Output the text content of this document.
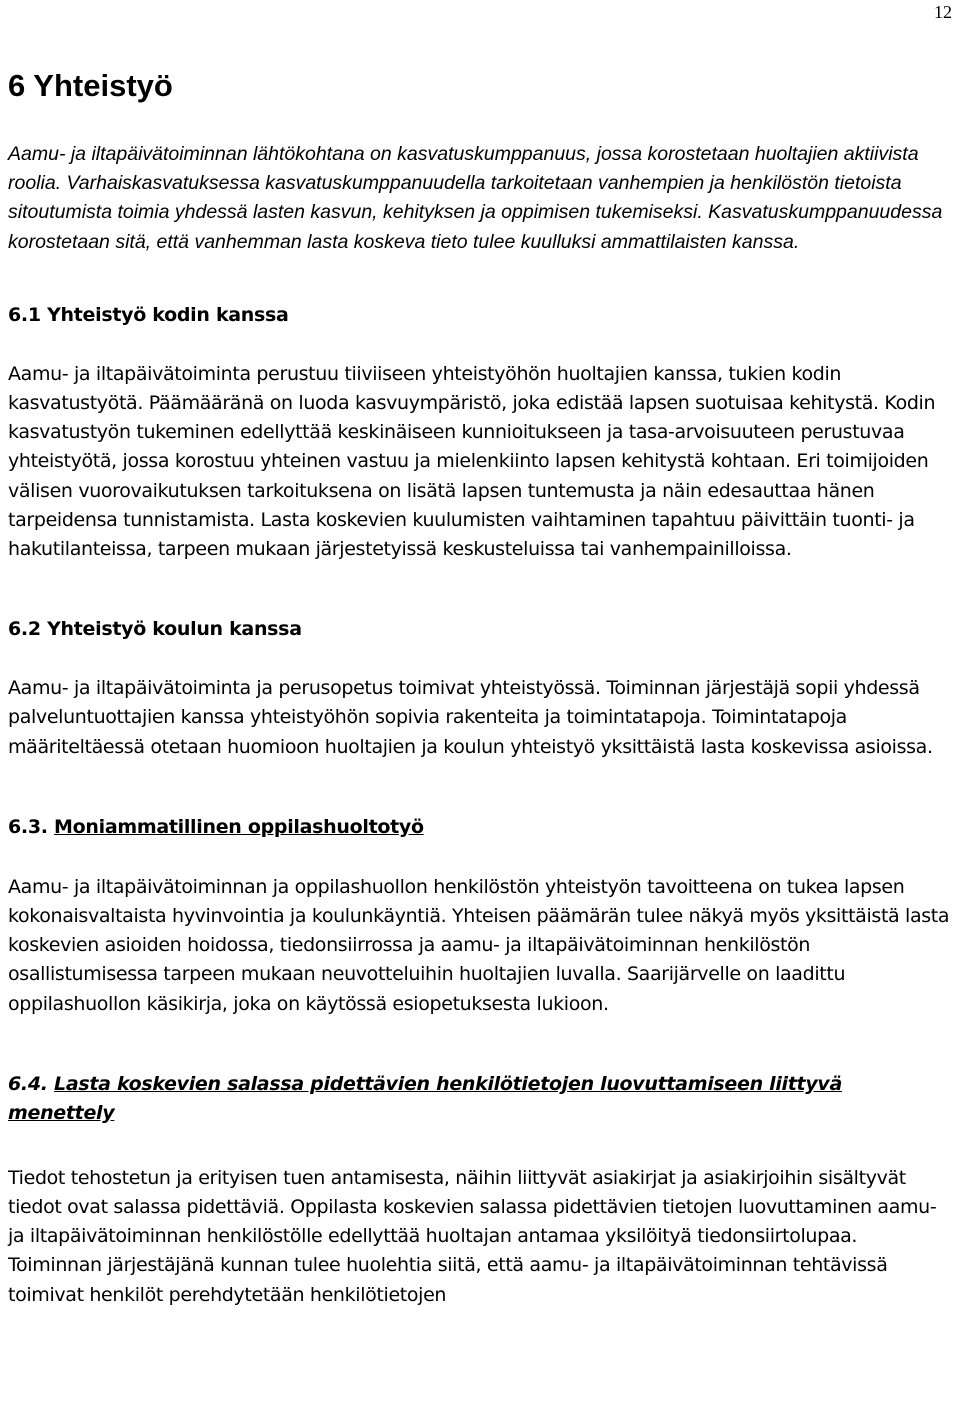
12
6 Yhteistyö

Aamu- ja iltapäivätoiminnan lähtökohtana on kasvatuskumppanuus, jossa korostetaan huoltajien aktiivista roolia. Varhaiskasvatuksessa kasvatuskumppanuudella tarkoitetaan vanhempien ja henkilöstön tietoista sitoutumista toimia yhdessä lasten kasvun, kehityksen ja oppimisen tukemiseksi. Kasvatuskumppanuudessa korostetaan sitä, että vanhemman lasta koskeva tieto tulee kuulluksi ammattilaisten kanssa.

6.1 Yhteistyö kodin kanssa

Aamu- ja iltapäivätoiminta perustuu tiiviiseen yhteistyöhön huoltajien kanssa, tukien kodin kasvatustyötä. Päämääränä on luoda kasvuympäristö, joka edistää lapsen suotuisaa kehitystä. Kodin kasvatustyön tukeminen edellyttää keskinäiseen kunnioitukseen ja tasa-arvoisuuteen perustuvaa yhteistyötä, jossa korostuu yhteinen vastuu ja mielenkiinto lapsen kehitystä kohtaan. Eri toimijoiden välisen vuorovaikutuksen tarkoituksena on lisätä lapsen tuntemusta ja näin edesauttaa hänen tarpeidensa tunnistamista. Lasta koskevien kuulumisten vaihtaminen tapahtuu päivittäin tuonti- ja hakutilanteissa, tarpeen mukaan järjestetyissä keskusteluissa tai vanhempainilloissa.

6.2 Yhteistyö koulun kanssa

Aamu- ja iltapäivätoiminta ja perusopetus toimivat yhteistyössä. Toiminnan järjestäjä sopii yhdessä palveluntuottajien kanssa yhteistyöhön sopivia rakenteita ja toimintatapoja. Toimintatapoja määriteltäessä otetaan huomioon huoltajien ja koulun yhteistyö yksittäistä lasta koskevissa asioissa.

6.3. Moniammatillinen oppilashuoltotyö

Aamu- ja iltapäivätoiminnan ja oppilashuollon henkilöstön yhteistyön tavoitteena on tukea lapsen kokonaisvaltaista hyvinvointia ja koulunkäyntiä. Yhteisen päämärän tulee näkyä myös yksittäistä lasta koskevien asioiden hoidossa, tiedonsiirrossa ja aamu- ja iltapäivätoiminnan henkilöstön osallistumisessa tarpeen mukaan neuvotteluihin huoltajien luvalla. Saarijärvelle on laadittu oppilashuollon käsikirja, joka on käytössä esiopetuksesta lukioon.

6.4. Lasta koskevien salassa pidettävien henkilötietojen luovuttamiseen liittyvä menettely

Tiedot tehostetun ja erityisen tuen antamisesta, näihin liittyvät asiakirjat ja asiakirjoihin sisältyvät tiedot ovat salassa pidettäviä. Oppilasta koskevien salassa pidettävien tietojen luovuttaminen aamu- ja iltapäivätoiminnan henkilöstölle edellyttää huoltajan antamaa yksilöityä tiedonsiirtolupaa. Toiminnan järjestäjänä kunnan tulee huolehtia siitä, että aamu- ja iltapäivätoiminnan tehtävissä toimivat henkilöt perehdytetään henkilötietojen
